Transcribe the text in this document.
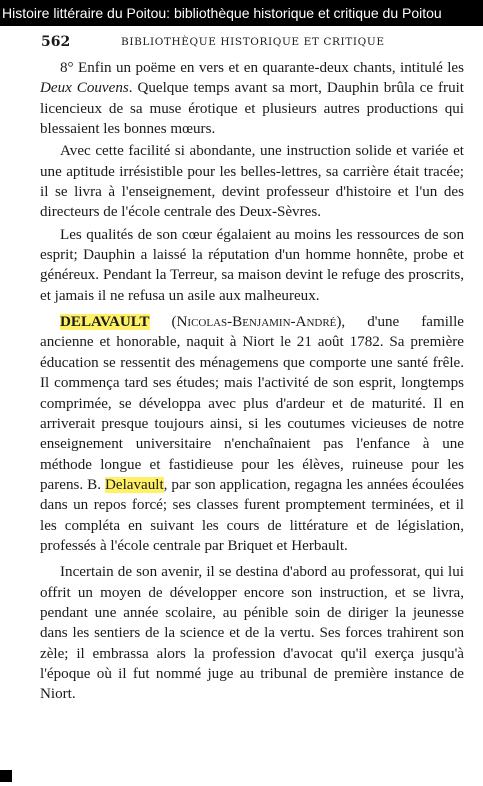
Histoire littéraire du Poitou: bibliothèque historique et critique du Poitou
562	BIBLIOTHÈQUE HISTORIQUE ET CRITIQUE

8° Enfin un poëme en vers et en quarante-deux chants, intitulé les Deux Couvens. Quelque temps avant sa mort, Dauphin brûla ce fruit licencieux de sa muse érotique et plusieurs autres productions qui blessaient les bonnes mœurs.

Avec cette facilité si abondante, une instruction solide et variée et une aptitude irrésistible pour les belles-lettres, sa carrière était tracée; il se livra à l'enseignement, devint professeur d'histoire et l'un des directeurs de l'école centrale des Deux-Sèvres.

Les qualités de son cœur égalaient au moins les ressources de son esprit; Dauphin a laissé la réputation d'un homme honnête, probe et généreux. Pendant la Terreur, sa maison devint le refuge des proscrits, et jamais il ne refusa un asile aux malheureux.

DELAVAULT (Nicolas-Benjamin-André), d'une famille ancienne et honorable, naquit à Niort le 21 août 1782. Sa première éducation se ressentit des ménagemens que comporte une santé frêle. Il commença tard ses études; mais l'activité de son esprit, longtemps comprimée, se développa avec plus d'ardeur et de maturité. Il en arriverait presque toujours ainsi, si les coutumes vicieuses de notre enseignement universitaire n'enchaînaient pas l'enfance à une méthode longue et fastidieuse pour les élèves, ruineuse pour les parens. B. Delavault, par son application, regagna les années écoulées dans un repos forcé; ses classes furent promptement terminées, et il les compléta en suivant les cours de littérature et de législation, professés à l'école centrale par Briquet et Herbault.

Incertain de son avenir, il se destina d'abord au professorat, qui lui offrit un moyen de développer encore son instruction, et se livra, pendant une année scolaire, au pénible soin de diriger la jeunesse dans les sentiers de la science et de la vertu. Ses forces trahirent son zèle; il embrassa alors la profession d'avocat qu'il exerça jusqu'à l'époque où il fut nommé juge au tribunal de première instance de Niort.
